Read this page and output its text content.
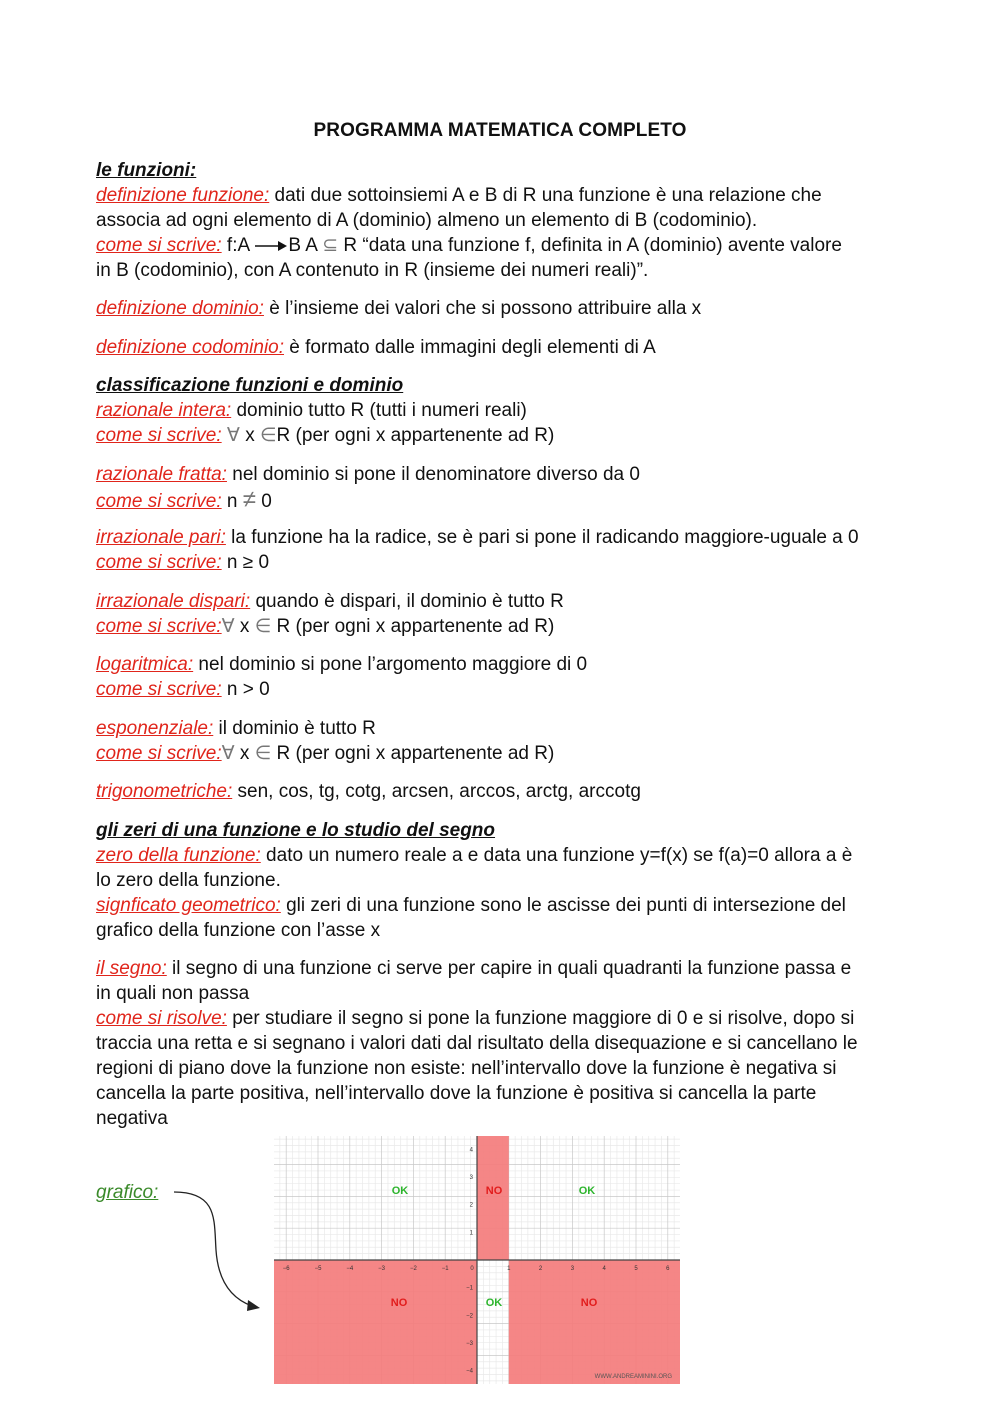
PROGRAMMA MATEMATICA COMPLETO
le funzioni:
definizione funzione: dati due sottoinsiemi A e B di R una funzione è una relazione che
associa ad ogni elemento di A (dominio) almeno un elemento di B (codominio).
come si scrive: f:A B A ⊆ R “data una funzione f, definita in A (dominio) avente valore
in B (codominio), con A contenuto in R (insieme dei numeri reali)”.
definizione dominio: è l’insieme dei valori che si possono attribuire alla x
definizione codominio: è formato dalle immagini degli elementi di A
classificazione funzioni e dominio
razionale intera: dominio tutto R (tutti i numeri reali)
come si scrive: ∀ x ∈R (per ogni x appartenente ad R)
razionale fratta: nel dominio si pone il denominatore diverso da 0
come si scrive: n ≠ 0
irrazionale pari: la funzione ha la radice, se è pari si pone il radicando maggiore-uguale a 0
come si scrive: n ≥ 0
irrazionale dispari: quando è dispari, il dominio è tutto R
come si scrive:∀ x ∈ R (per ogni x appartenente ad R)
logaritmica: nel dominio si pone l’argomento maggiore di 0
come si scrive: n > 0
esponenziale: il dominio è tutto R
come si scrive:∀ x ∈ R (per ogni x appartenente ad R)
trigonometriche: sen, cos, tg, cotg, arcsen, arccos, arctg, arccotg
gli zeri di una funzione e lo studio del segno
zero della funzione: dato un numero reale a e data una funzione y=f(x) se f(a)=0 allora a è
lo zero della funzione.
signficato geometrico: gli zeri di una funzione sono le ascisse dei punti di intersezione del
grafico della funzione con l’asse x
il segno: il segno di una funzione ci serve per capire in quali quadranti la funzione passa e
in quali non passa
come si risolve: per studiare il segno si pone la funzione maggiore di 0 e si risolve, dopo si
traccia una retta e si segnano i valori dati dal risultato della disequazione e si cancellano le
regioni di piano dove la funzione non esiste: nell’intervallo dove la funzione è negativa si
cancella la parte positiva, nell’intervallo dove la funzione è positiva si cancella la parte
negativa
grafico:
−6	−5	−4	−3	−2	−1	0	1	2	3	4	5	6
4
3
2
1
−1
−2
−3
−4
OK	NO	OK
NO	OK	NO
WWW.ANDREAMININI.ORG
